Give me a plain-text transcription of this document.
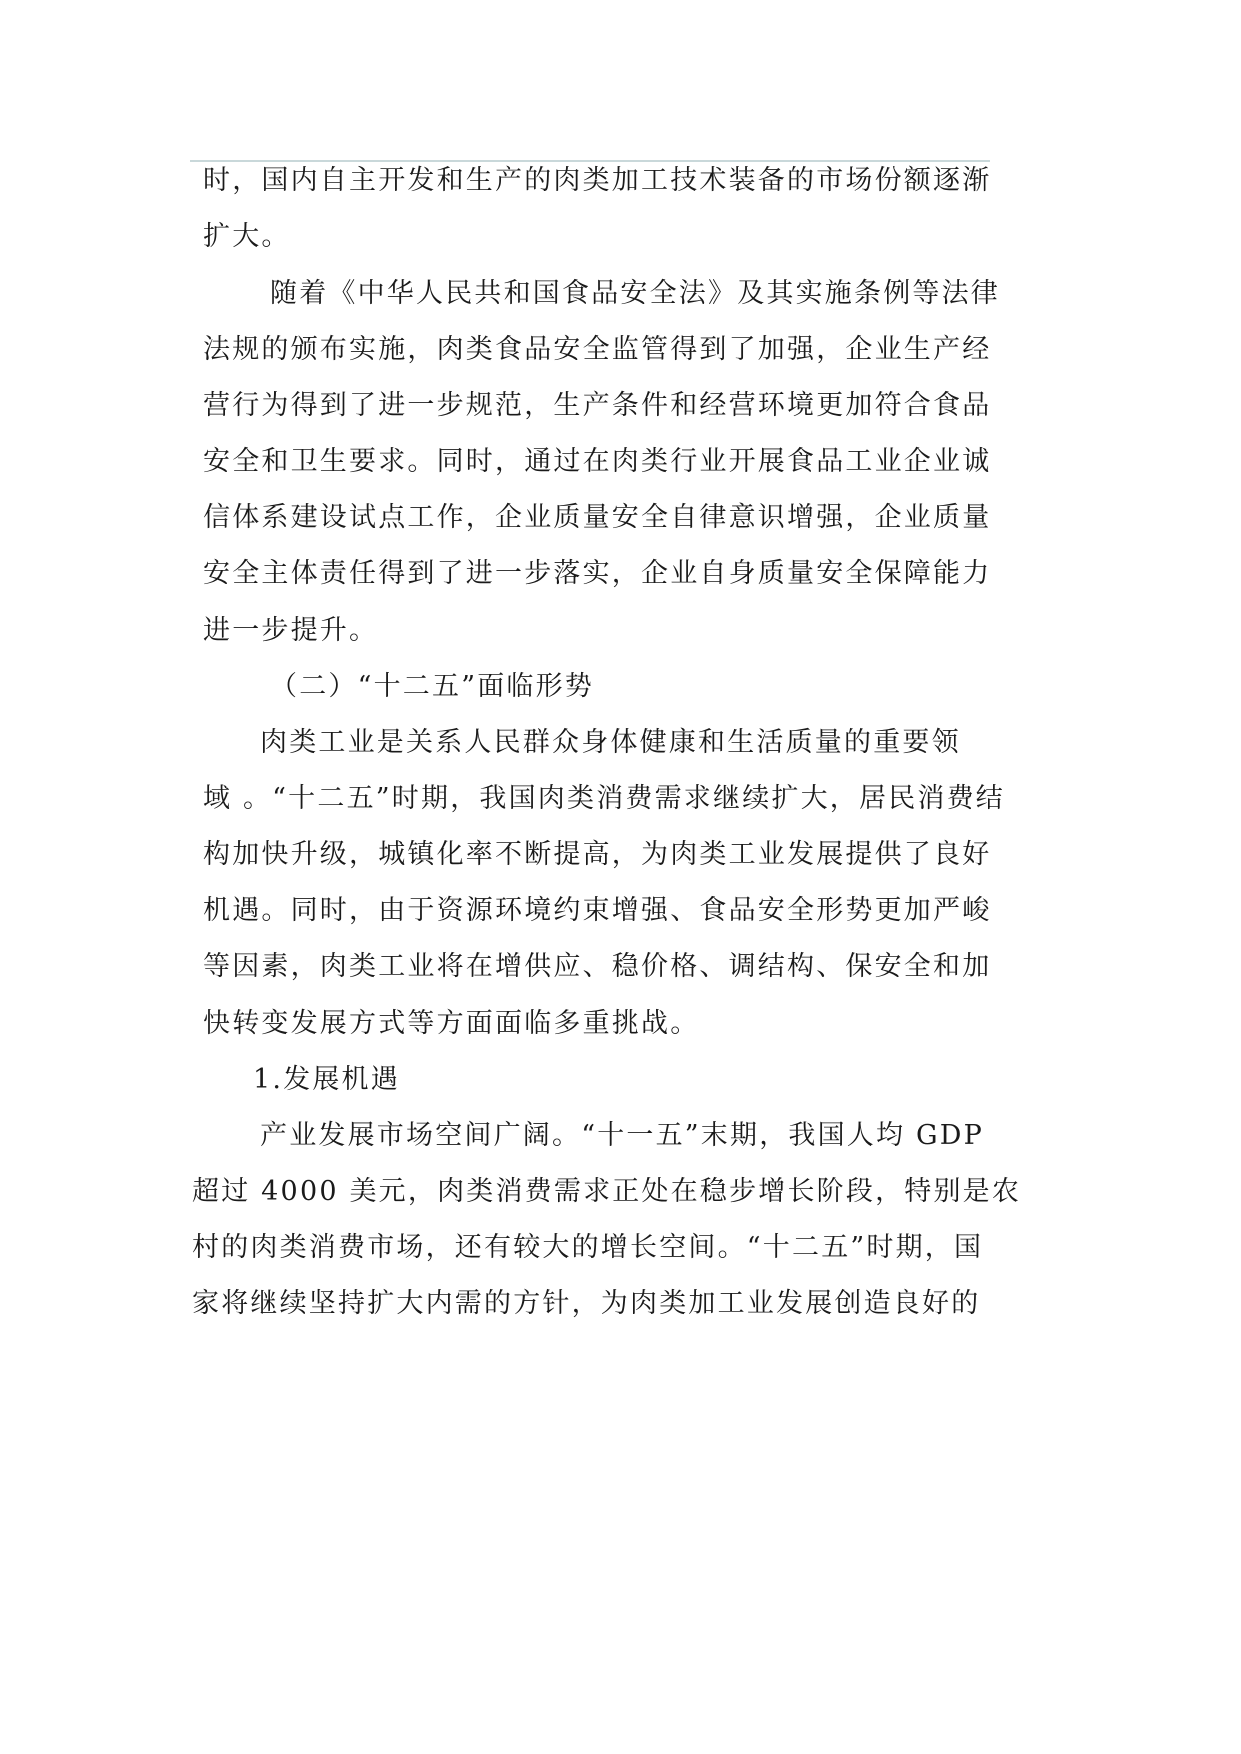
时，国内自主开发和生产的肉类加工技术装备的市场份额逐渐
扩大。
随着《中华人民共和国食品安全法》及其实施条例等法律
法规的颁布实施，肉类食品安全监管得到了加强，企业生产经
营行为得到了进一步规范，生产条件和经营环境更加符合食品
安全和卫生要求。同时，通过在肉类行业开展食品工业企业诚
信体系建设试点工作，企业质量安全自律意识增强，企业质量
安全主体责任得到了进一步落实，企业自身质量安全保障能力
进一步提升。
（二）“十二五”面临形势
肉类工业是关系人民群众身体健康和生活质量的重要领
域 。“十二五”时期，我国肉类消费需求继续扩大，居民消费结
构加快升级，城镇化率不断提高，为肉类工业发展提供了良好
机遇。同时，由于资源环境约束增强、食品安全形势更加严峻
等因素，肉类工业将在增供应、稳价格、调结构、保安全和加
快转变发展方式等方面面临多重挑战。
1.发展机遇
产业发展市场空间广阔。“十一五”末期，我国人均 GDP
超过 4000 美元，肉类消费需求正处在稳步增长阶段，特别是农
村的肉类消费市场，还有较大的增长空间。“十二五”时期，国
家将继续坚持扩大内需的方针，为肉类加工业发展创造良好的
